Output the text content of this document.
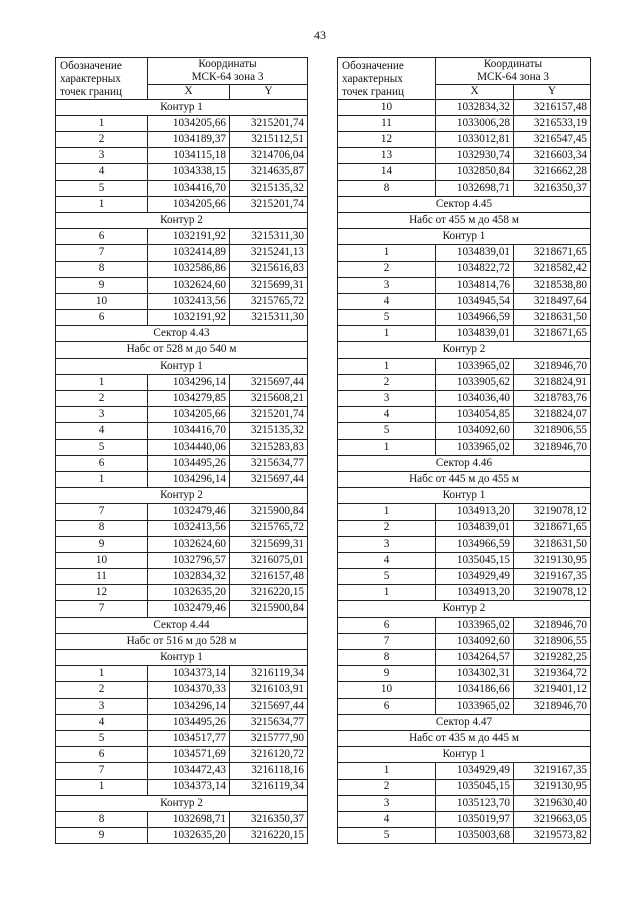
43
Обозначение
характерных
точек границ	Координаты
МСК-64 зона 3	
	X	Y
Контур 1		
1	1034205,66	3215201,74
2	1034189,37	3215112,51
3	1034115,18	3214706,04
4	1034338,15	3214635,87
5	1034416,70	3215135,32
1	1034205,66	3215201,74
Контур 2		
6	1032191,92	3215311,30
7	1032414,89	3215241,13
8	1032586,86	3215616,83
9	1032624,60	3215699,31
10	1032413,56	3215765,72
6	1032191,92	3215311,30
Сектор 4.43		
Набс от 528 м до 540 м		
Контур 1		
1	1034296,14	3215697,44
2	1034279,85	3215608,21
3	1034205,66	3215201,74
4	1034416,70	3215135,32
5	1034440,06	3215283,83
6	1034495,26	3215634,77
1	1034296,14	3215697,44
Контур 2		
7	1032479,46	3215900,84
8	1032413,56	3215765,72
9	1032624,60	3215699,31
10	1032796,57	3216075,01
11	1032834,32	3216157,48
12	1032635,20	3216220,15
7	1032479,46	3215900,84
Сектор 4.44		
Набс от 516 м до 528 м		
Контур 1		
1	1034373,14	3216119,34
2	1034370,33	3216103,91
3	1034296,14	3215697,44
4	1034495,26	3215634,77
5	1034517,77	3215777,90
6	1034571,69	3216120,72
7	1034472,43	3216118,16
1	1034373,14	3216119,34
Контур 2		
8	1032698,71	3216350,37
9	1032635,20	3216220,15
Обозначение
характерных
точек границ	Координаты
МСК-64 зона 3	
	X	Y
10	1032834,32	3216157,48
11	1033006,28	3216533,19
12	1033012,81	3216547,45
13	1032930,74	3216603,34
14	1032850,84	3216662,28
8	1032698,71	3216350,37
Сектор 4.45		
Набс от 455 м до 458 м		
Контур 1		
1	1034839,01	3218671,65
2	1034822,72	3218582,42
3	1034814,76	3218538,80
4	1034945,54	3218497,64
5	1034966,59	3218631,50
1	1034839,01	3218671,65
Контур 2		
1	1033965,02	3218946,70
2	1033905,62	3218824,91
3	1034036,40	3218783,76
4	1034054,85	3218824,07
5	1034092,60	3218906,55
1	1033965,02	3218946,70
Сектор 4.46		
Набс от 445 м до 455 м		
Контур 1		
1	1034913,20	3219078,12
2	1034839,01	3218671,65
3	1034966,59	3218631,50
4	1035045,15	3219130,95
5	1034929,49	3219167,35
1	1034913,20	3219078,12
Контур 2		
6	1033965,02	3218946,70
7	1034092,60	3218906,55
8	1034264,57	3219282,25
9	1034302,31	3219364,72
10	1034186,66	3219401,12
6	1033965,02	3218946,70
Сектор 4.47		
Набс от 435 м до 445 м		
Контур 1		
1	1034929,49	3219167,35
2	1035045,15	3219130,95
3	1035123,70	3219630,40
4	1035019,97	3219663,05
5	1035003,68	3219573,82
